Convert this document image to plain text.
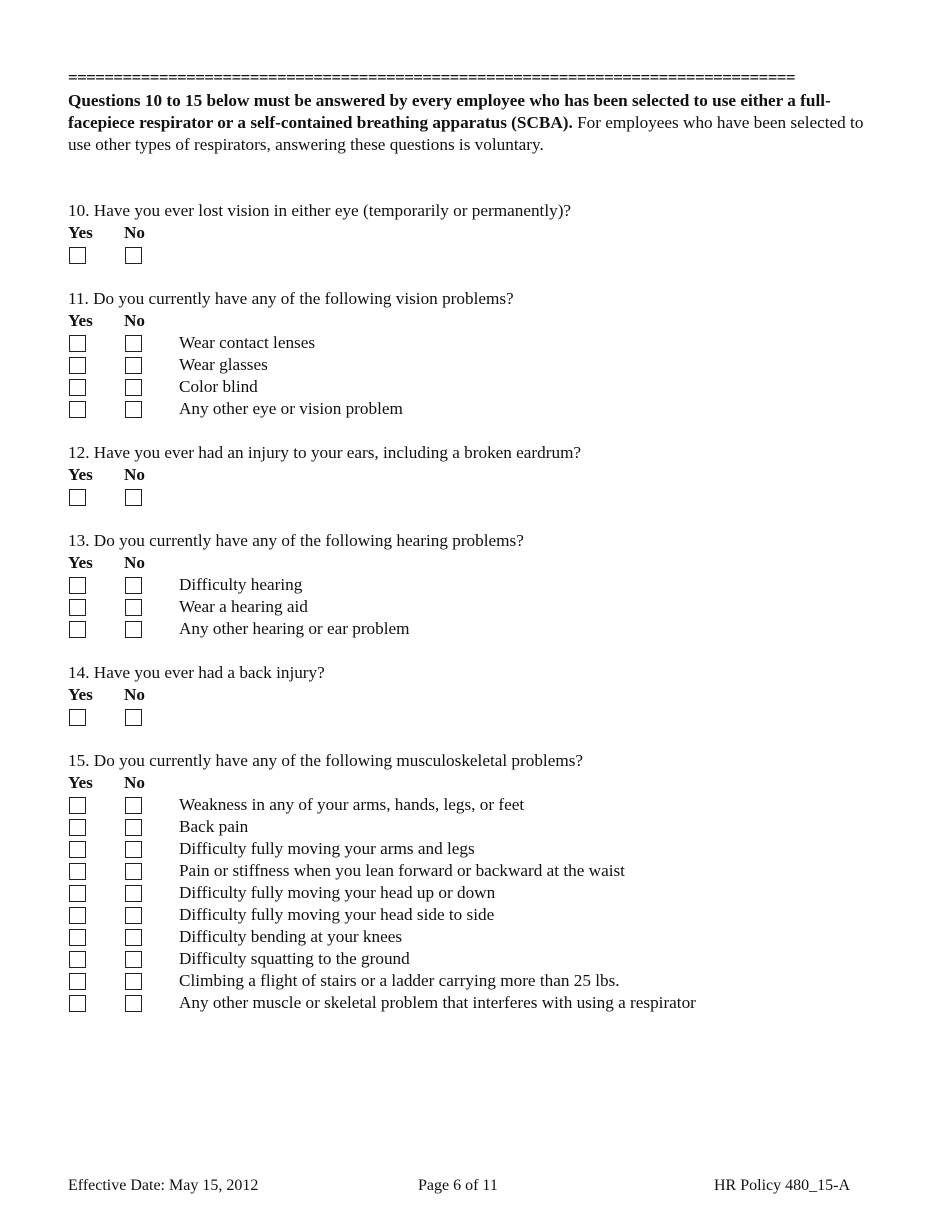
================================================================================
Questions 10 to 15 below must be answered by every employee who has been selected to use either a full-facepiece respirator or a self-contained breathing apparatus (SCBA). For employees who have been selected to use other types of respirators, answering these questions is voluntary.
10. Have you ever lost vision in either eye (temporarily or permanently)?
Yes No
11. Do you currently have any of the following vision problems?
Yes No
Wear contact lenses
Wear glasses
Color blind
Any other eye or vision problem
12. Have you ever had an injury to your ears, including a broken eardrum?
Yes No
13. Do you currently have any of the following hearing problems?
Yes No
Difficulty hearing
Wear a hearing aid
Any other hearing or ear problem
14. Have you ever had a back injury?
Yes No
15. Do you currently have any of the following musculoskeletal problems?
Yes No
Weakness in any of your arms, hands, legs, or feet
Back pain
Difficulty fully moving your arms and legs
Pain or stiffness when you lean forward or backward at the waist
Difficulty fully moving your head up or down
Difficulty fully moving your head side to side
Difficulty bending at your knees
Difficulty squatting to the ground
Climbing a flight of stairs or a ladder carrying more than 25 lbs.
Any other muscle or skeletal problem that interferes with using a respirator
Effective Date: May 15, 2012	Page 6 of 11	HR Policy 480_15-A
